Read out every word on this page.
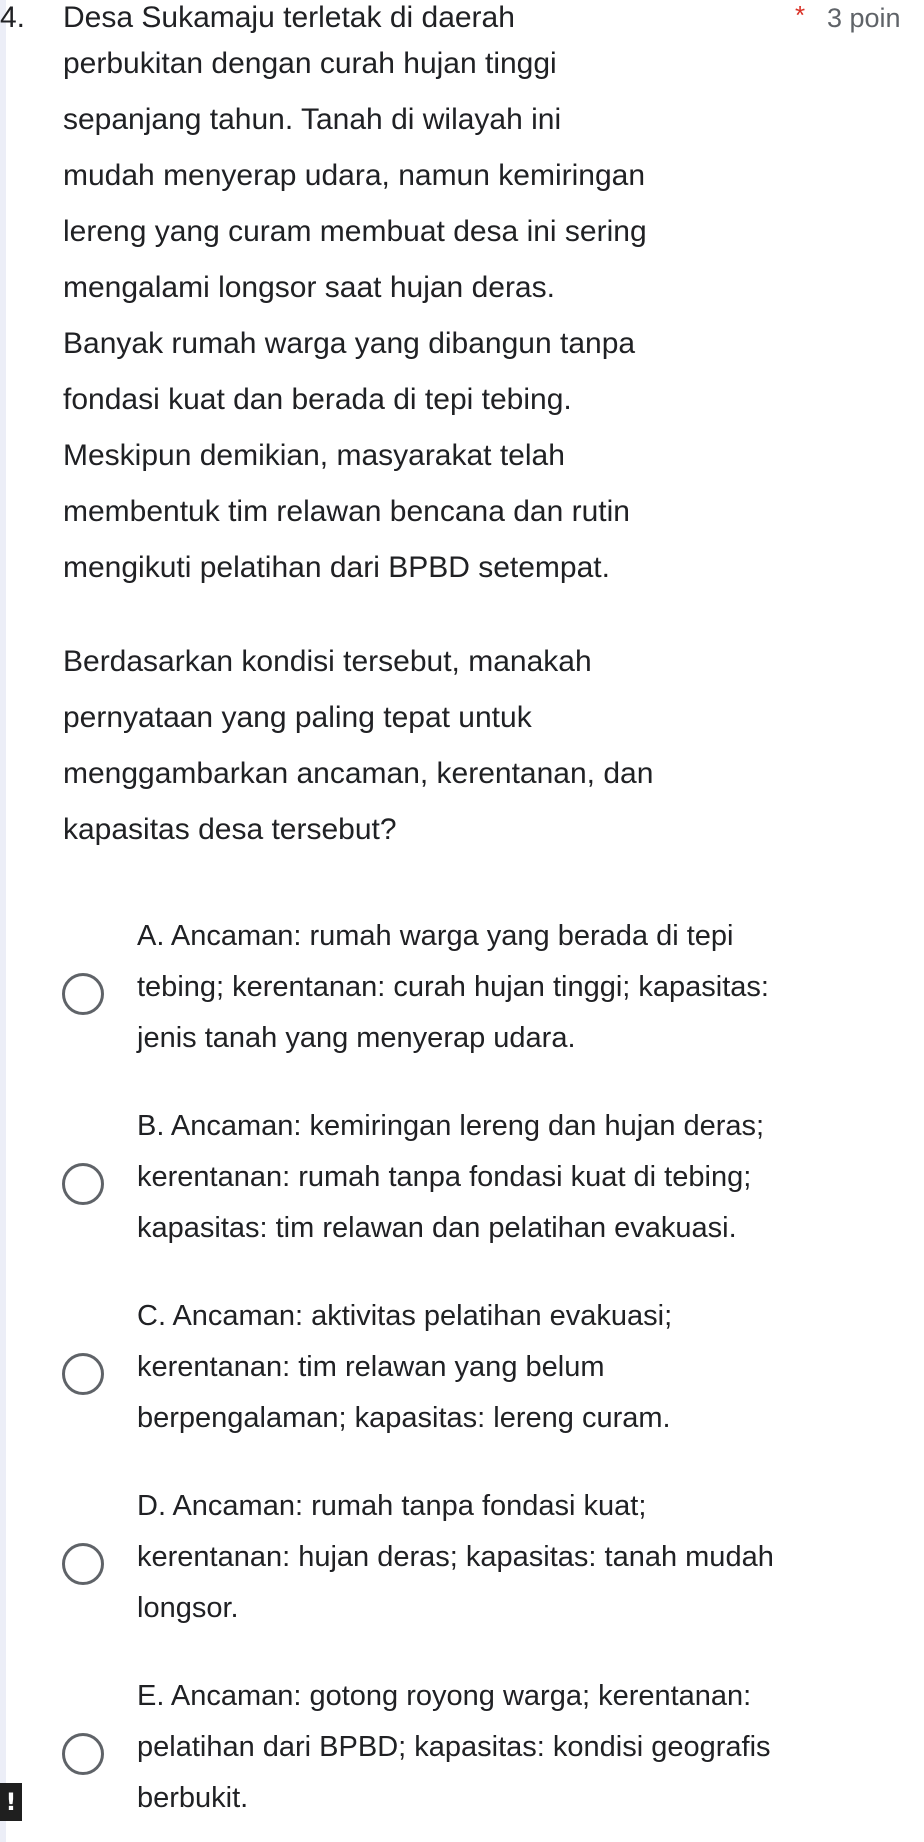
4. Desa Sukamaju terletak di daerah	* 3 poin
perbukitan dengan curah hujan tinggi
sepanjang tahun. Tanah di wilayah ini
mudah menyerap udara, namun kemiringan
lereng yang curam membuat desa ini sering
mengalami longsor saat hujan deras.
Banyak rumah warga yang dibangun tanpa
fondasi kuat dan berada di tepi tebing.
Meskipun demikian, masyarakat telah
membentuk tim relawan bencana dan rutin
mengikuti pelatihan dari BPBD setempat.
Berdasarkan kondisi tersebut, manakah
pernyataan yang paling tepat untuk
menggambarkan ancaman, kerentanan, dan
kapasitas desa tersebut?
A. Ancaman: rumah warga yang berada di tepi
tebing; kerentanan: curah hujan tinggi; kapasitas:
jenis tanah yang menyerap udara.
B. Ancaman: kemiringan lereng dan hujan deras;
kerentanan: rumah tanpa fondasi kuat di tebing;
kapasitas: tim relawan dan pelatihan evakuasi.
C. Ancaman: aktivitas pelatihan evakuasi;
kerentanan: tim relawan yang belum
berpengalaman; kapasitas: lereng curam.
D. Ancaman: rumah tanpa fondasi kuat;
kerentanan: hujan deras; kapasitas: tanah mudah
longsor.
E. Ancaman: gotong royong warga; kerentanan:
pelatihan dari BPBD; kapasitas: kondisi geografis
berbukit.
!
